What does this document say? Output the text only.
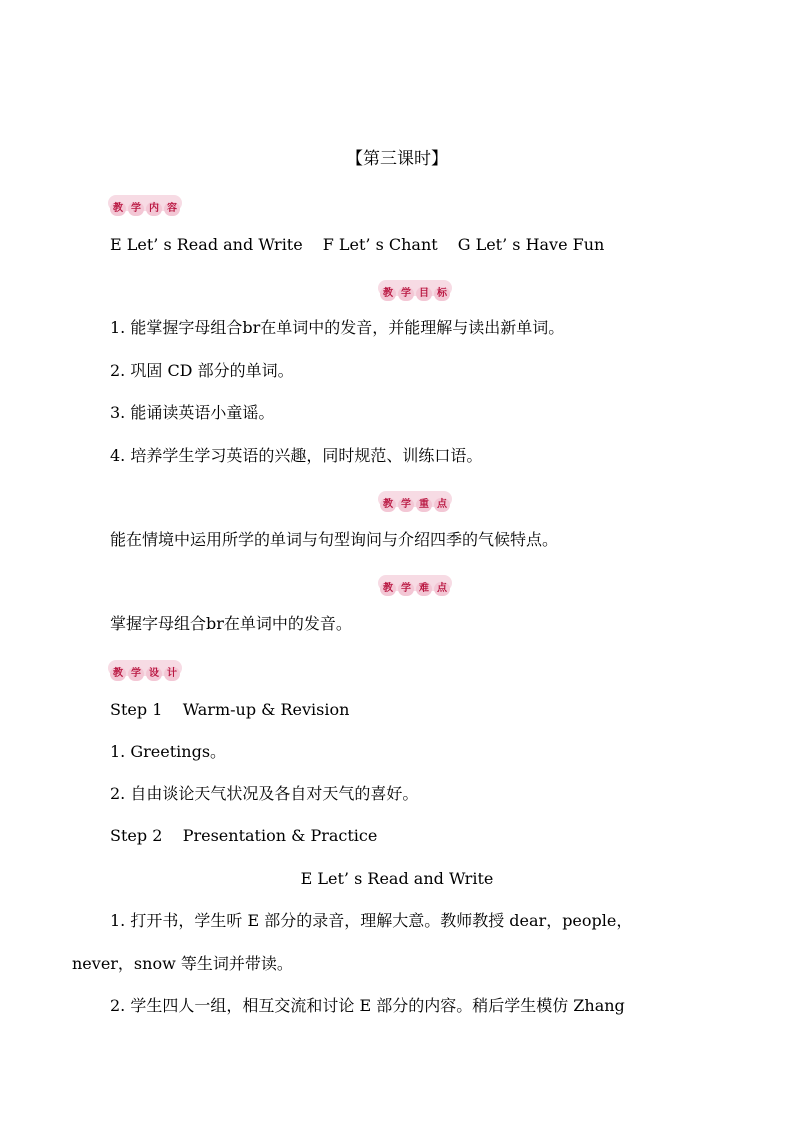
【第三课时】
教 学 内 容
E Let’ s Read and Write F Let’ s Chant G Let’ s Have Fun
教 学 目 标
1. 能掌握字母组合br在单词中的发音，并能理解与读出新单词。
2. 巩固 CD 部分的单词。
3. 能诵读英语小童谣。
4. 培养学生学习英语的兴趣，同时规范、训练口语。
教 学 重 点
能在情境中运用所学的单词与句型询问与介绍四季的气候特点。
教 学 难 点
掌握字母组合br在单词中的发音。
教 学 设 计
Step 1    Warm-up & Revision
1. Greetings。
2. 自由谈论天气状况及各自对天气的喜好。
Step 2    Presentation & Practice
E Let’ s Read and Write
1. 打开书，学生听 E 部分的录音，理解大意。教师教授 dear，people，
never，snow 等生词并带读。
2. 学生四人一组，相互交流和讨论 E 部分的内容。稍后学生模仿 Zhang
